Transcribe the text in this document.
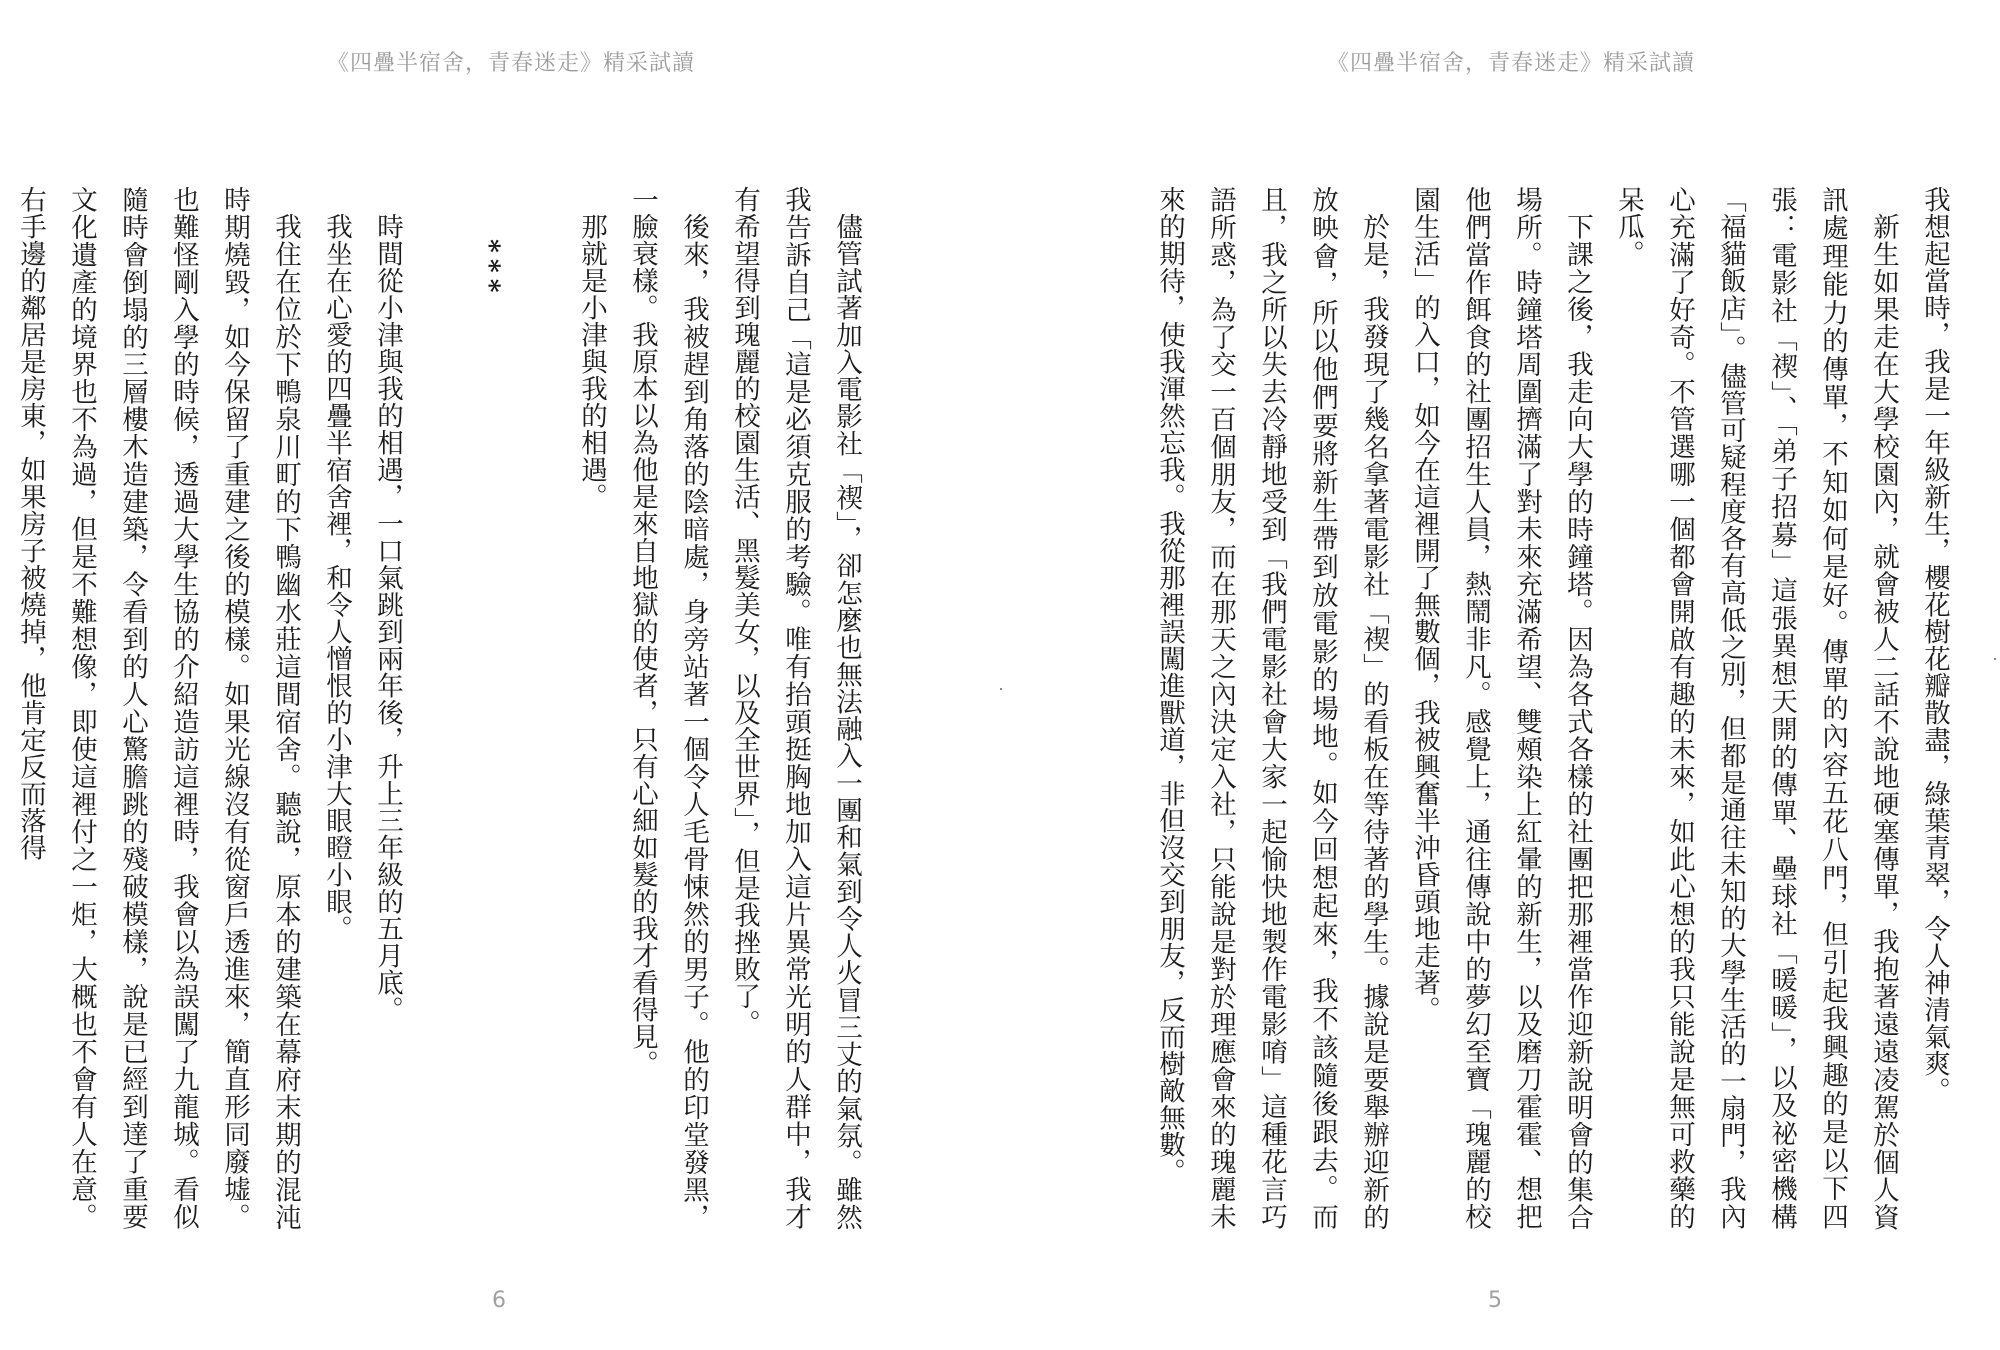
《四疊半宿舍，青春迷走》精采試讀

儘管試著加入電影社「禊」，卻怎麼也無法融入一團和氣到令人火冒三丈的氣氛。雖然我告訴自己「這是必須克服的考驗。唯有抬頭挺胸地加入這片異常光明的人群中，我才有希望得到瑰麗的校園生活、黑髮美女，以及全世界」，但是我挫敗了。

後來，我被趕到角落的陰暗處，身旁站著一個令人毛骨悚然的男子。他的印堂發黑，一臉衰樣。我原本以為他是來自地獄的使者，只有心細如髮的我才看得見。

那就是小津與我的相遇。

***

時間從小津與我的相遇，一口氣跳到兩年後，升上三年級的五月底。

我坐在心愛的四疊半宿舍裡，和令人憎恨的小津大眼瞪小眼。

我住在位於下鴨泉川町的下鴨幽水莊這間宿舍。聽說，原本的建築在幕府末期的混沌時期燒毀，如今保留了重建之後的模樣。如果光線沒有從窗戶透進來，簡直形同廢墟。也難怪剛入學的時候，透過大學生協的介紹造訪這裡時，我會以為誤闖了九龍城。看似隨時會倒塌的三層樓木造建築，令看到的人心驚膽跳的殘破模樣，說是已經到達了重要文化遺產的境界也不為過，但是不難想像，即使這裡付之一炬，大概也不會有人在意。右手邊的鄰居是房東，如果房子被燒掉，他肯定反而落得

6
《四疊半宿舍，青春迷走》精采試讀

我想起當時，我是一年級新生，櫻花樹花瓣散盡，綠葉青翠，令人神清氣爽。

新生如果走在大學校園內，就會被人二話不說地硬塞傳單，我抱著遠遠凌駕於個人資訊處理能力的傳單，不知如何是好。傳單的內容五花八門，但引起我興趣的是以下四張：電影社「禊」、「弟子招募」這張異想天開的傳單、壘球社「暖暖」，以及祕密機構「福貓飯店」。儘管可疑程度各有高低之別，但都是通往未知的大學生活的一扇門，我內心充滿了好奇。不管選哪一個都會開啟有趣的未來，如此心想的我只能說是無可救藥的呆瓜。

下課之後，我走向大學的時鐘塔。因為各式各樣的社團把那裡當作迎新說明會的集合場所。時鐘塔周圍擠滿了對未來充滿希望、雙頰染上紅暈的新生，以及磨刀霍霍、想把他們當作餌食的社團招生人員，熱鬧非凡。感覺上，通往傳說中的夢幻至寶「瑰麗的校園生活」的入口，如今在這裡開了無數個，我被興奮半沖昏頭地走著。

於是，我發現了幾名拿著電影社「禊」的看板在等待著的學生。據說是要舉辦迎新的放映會，所以他們要將新生帶到放電影的場地。如今回想起來，我不該隨後跟去。而且，我之所以失去冷靜地受到「我們電影社會大家一起愉快地製作電影唷」這種花言巧語所惑，為了交一百個朋友，而在那天之內決定入社，只能說是對於理應會來的瑰麗未來的期待，使我渾然忘我。我從那裡誤闖進獸道，非但沒交到朋友，反而樹敵無數。

5
